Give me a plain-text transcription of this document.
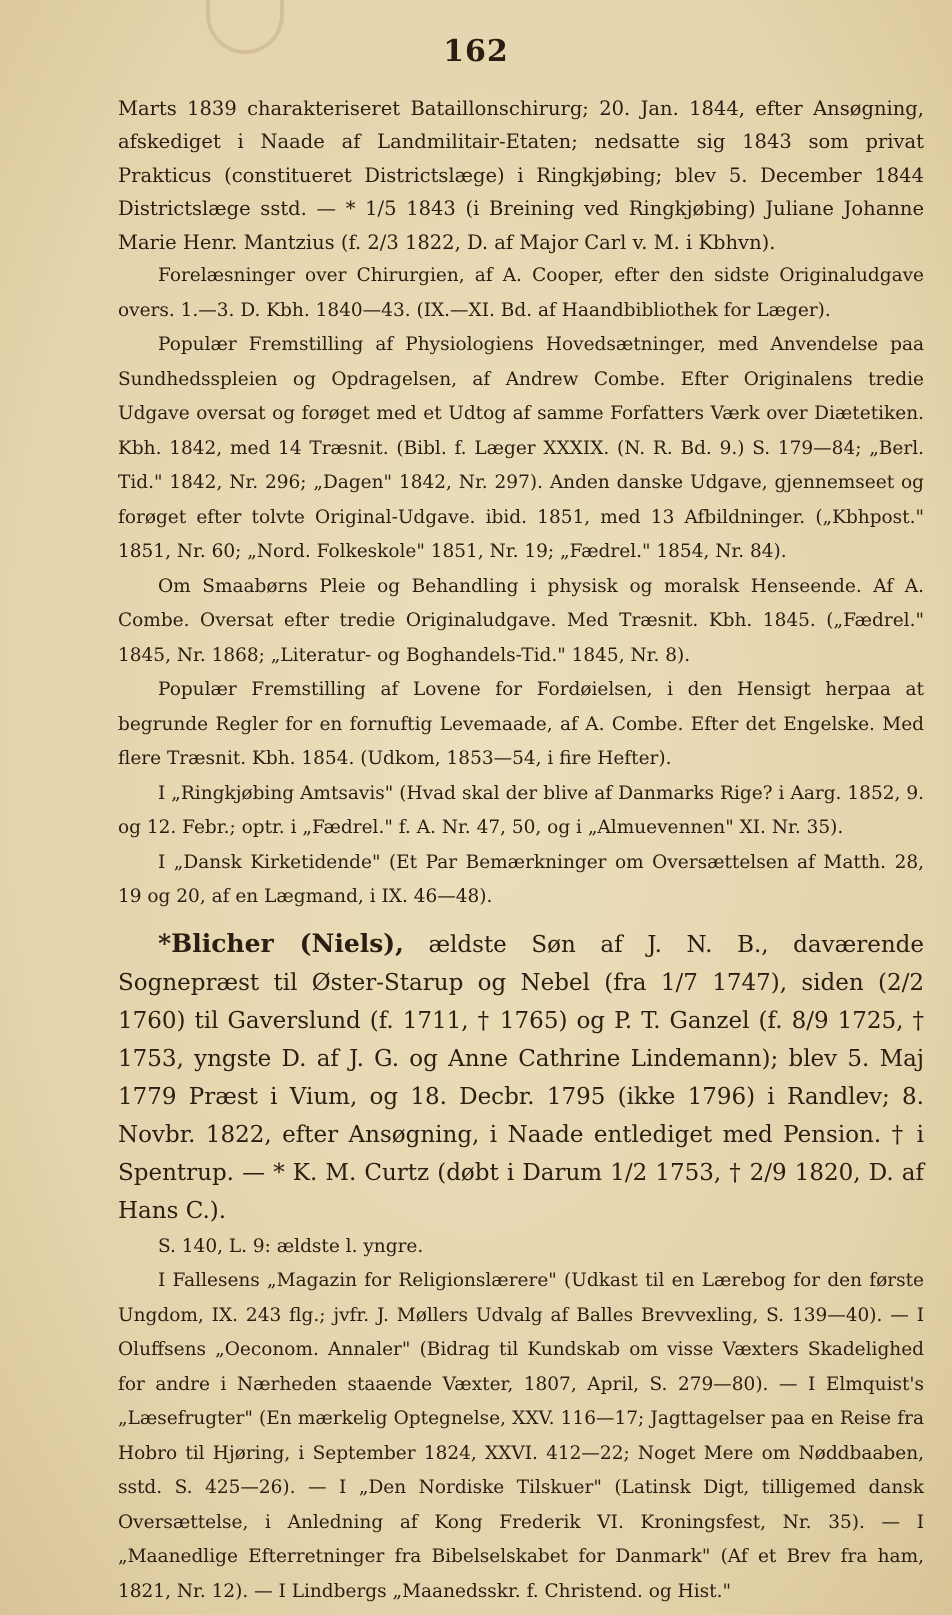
162

Marts 1839 charakteriseret Bataillonschirurg; 20. Jan. 1844, efter Ansøgning, afskediget i Naade af Landmilitair-Etaten; nedsatte sig 1843 som privat Prakticus (constitueret Districtslæge) i Ringkjøbing; blev 5. December 1844 Districtslæge sstd. — * 1/5 1843 (i Breining ved Ringkjøbing) Juliane Johanne Marie Henr. Mantzius (f. 2/3 1822, D. af Major Carl v. M. i Kbhvn).

Forelæsninger over Chirurgien, af A. Cooper, efter den sidste Originaludgave overs. 1.—3. D. Kbh. 1840—43. (IX.—XI. Bd. af Haandbibliothek for Læger).

Populær Fremstilling af Physiologiens Hovedsætninger, med Anvendelse paa Sundhedsspleien og Opdragelsen, af Andrew Combe. Efter Originalens tredie Udgave oversat og forøget med et Udtog af samme Forfatters Værk over Diætetiken. Kbh. 1842, med 14 Træsnit. (Bibl. f. Læger XXXIX. (N. R. Bd. 9.) S. 179—84; „Berl. Tid." 1842, Nr. 296; „Dagen" 1842, Nr. 297). Anden danske Udgave, gjennemseet og forøget efter tolvte Original-Udgave. ibid. 1851, med 13 Afbildninger. („Kbhpost." 1851, Nr. 60; „Nord. Folkeskole" 1851, Nr. 19; „Fædrel." 1854, Nr. 84).

Om Smaabørns Pleie og Behandling i physisk og moralsk Henseende. Af A. Combe. Oversat efter tredie Originaludgave. Med Træsnit. Kbh. 1845. („Fædrel." 1845, Nr. 1868; „Literatur- og Boghandels-Tid." 1845, Nr. 8).

Populær Fremstilling af Lovene for Fordøielsen, i den Hensigt herpaa at begrunde Regler for en fornuftig Levemaade, af A. Combe. Efter det Engelske. Med flere Træsnit. Kbh. 1854. (Udkom, 1853—54, i fire Hefter).

I „Ringkjøbing Amtsavis" (Hvad skal der blive af Danmarks Rige? i Aarg. 1852, 9. og 12. Febr.; optr. i „Fædrel." f. A. Nr. 47, 50, og i „Almuevennen" XI. Nr. 35).

I „Dansk Kirketidende" (Et Par Bemærkninger om Oversættelsen af Matth. 28, 19 og 20, af en Lægmand, i IX. 46—48).

*Blicher (Niels), ældste Søn af J. N. B., daværende Sognepræst til Øster-Starup og Nebel (fra 1/7 1747), siden (2/2 1760) til Gaverslund (f. 1711, † 1765) og P. T. Ganzel (f. 8/9 1725, † 1753, yngste D. af J. G. og Anne Cathrine Lindemann); blev 5. Maj 1779 Præst i Vium, og 18. Decbr. 1795 (ikke 1796) i Randlev; 8. Novbr. 1822, efter Ansøgning, i Naade entlediget med Pension. † i Spentrup. — * K. M. Curtz (døbt i Darum 1/2 1753, † 2/9 1820, D. af Hans C.).

S. 140, L. 9: ældste l. yngre.

I Fallesens „Magazin for Religionslærere" (Udkast til en Lærebog for den første Ungdom, IX. 243 flg.; jvfr. J. Møllers Udvalg af Balles Brevvexling, S. 139—40). — I Oluffsens „Oeconom. Annaler" (Bidrag til Kundskab om visse Væxters Skadelighed for andre i Nærheden staaende Væxter, 1807, April, S. 279—80). — I Elmquist's „Læsefrugter" (En mærkelig Optegnelse, XXV. 116—17; Jagttagelser paa en Reise fra Hobro til Hjøring, i September 1824, XXVI. 412—22; Noget Mere om Nøddbaaben, sstd. S. 425—26). — I „Den Nordiske Tilskuer" (Latinsk Digt, tilligemed dansk Oversættelse, i Anledning af Kong Frederik VI. Kroningsfest, Nr. 35). — I „Maanedlige Efterretninger fra Bibelselskabet for Danmark" (Af et Brev fra ham, 1821, Nr. 12). — I Lindbergs „Maanedsskr. f. Christend. og Hist."
